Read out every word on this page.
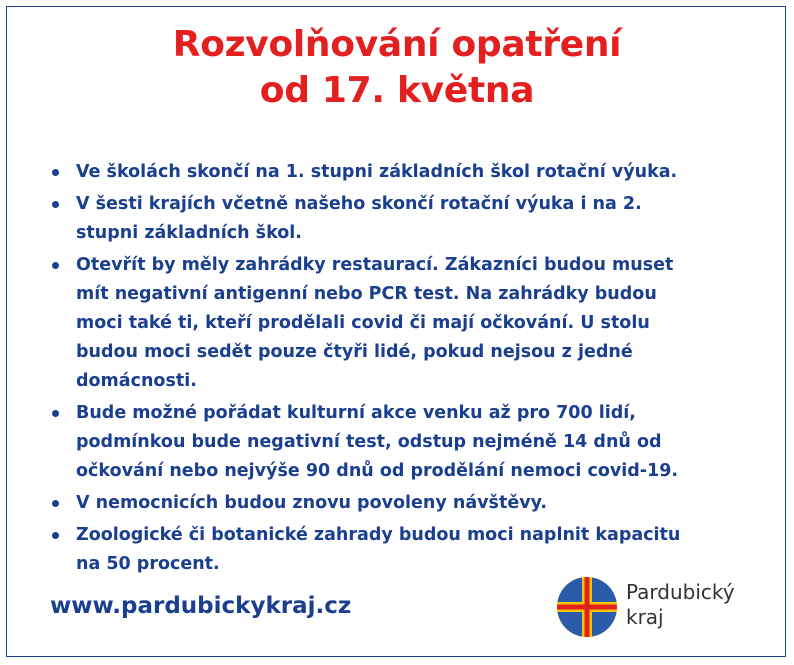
Rozvolňování opatření
od 17. května
Ve školách skončí na 1. stupni základních škol rotační výuka.
V šesti krajích včetně našeho skončí rotační výuka i na 2.
stupni základních škol.
Otevřít by měly zahrádky restaurací. Zákazníci budou muset
mít negativní antigenní nebo PCR test. Na zahrádky budou
moci také ti, kteří prodělali covid či mají očkování. U stolu
budou moci sedět pouze čtyři lidé, pokud nejsou z jedné
domácnosti.
Bude možné pořádat kulturní akce venku až pro 700 lidí,
podmínkou bude negativní test, odstup nejméně 14 dnů od
očkování nebo nejvýše 90 dnů od prodělání nemoci covid-19.
V nemocnicích budou znovu povoleny návštěvy.
Zoologické či botanické zahrady budou moci naplnit kapacitu
na 50 procent.
www.pardubickykraj.cz
Pardubický
kraj
